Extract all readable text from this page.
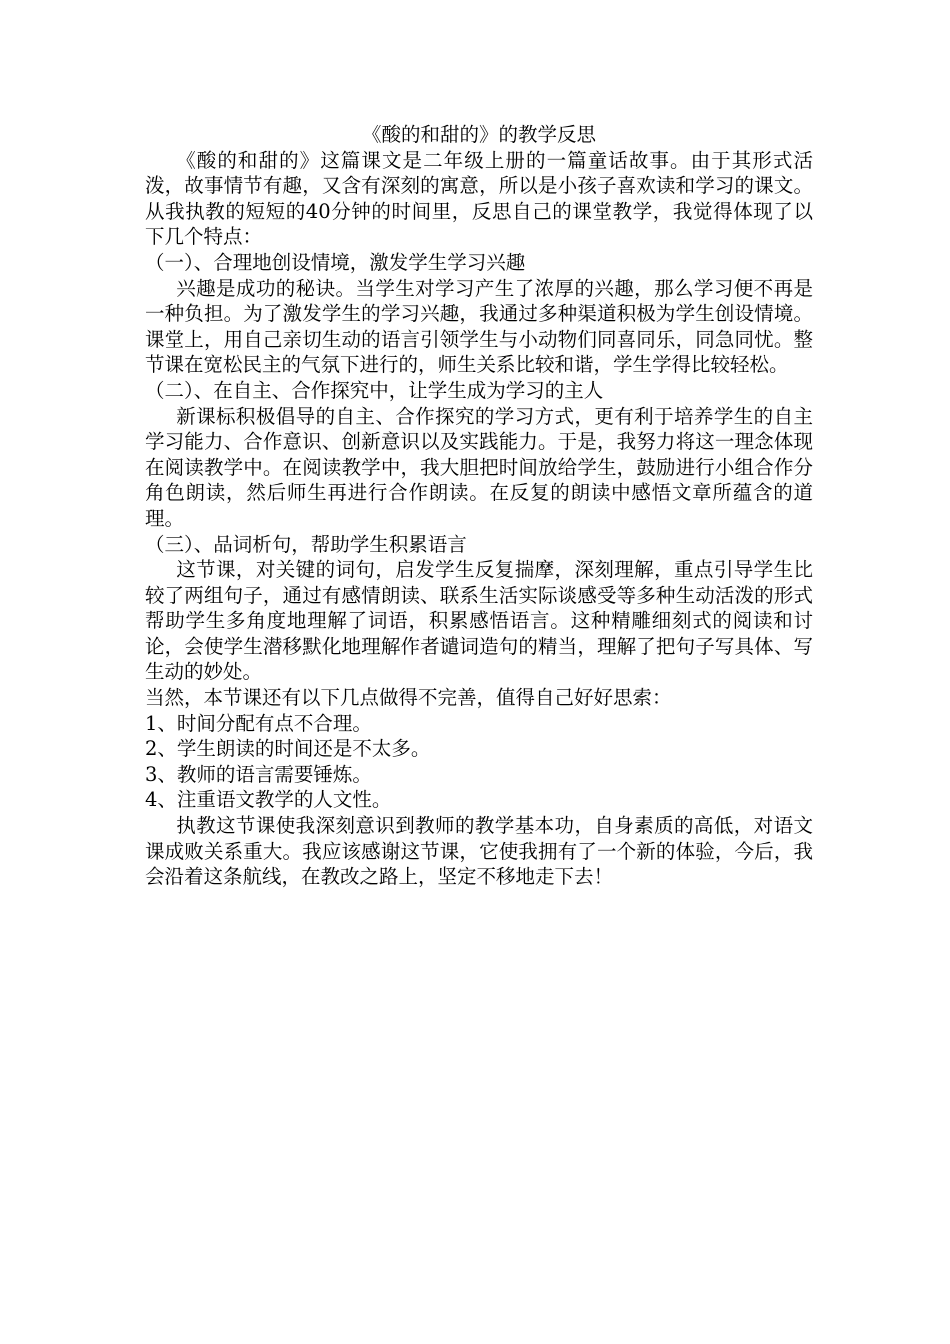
《酸的和甜的》的教学反思

《酸的和甜的》这篇课文是二年级上册的一篇童话故事。由于其形式活泼，故事情节有趣，又含有深刻的寓意，所以是小孩子喜欢读和学习的课文。从我执教的短短的40分钟的时间里，反思自己的课堂教学，我觉得体现了以下几个特点：

（一）、合理地创设情境，激发学生学习兴趣

兴趣是成功的秘诀。当学生对学习产生了浓厚的兴趣，那么学习便不再是一种负担。为了激发学生的学习兴趣，我通过多种渠道积极为学生创设情境。课堂上，用自己亲切生动的语言引领学生与小动物们同喜同乐，同急同忧。整节课在宽松民主的气氛下进行的，师生关系比较和谐，学生学得比较轻松。

（二）、在自主、合作探究中，让学生成为学习的主人

新课标积极倡导的自主、合作探究的学习方式，更有利于培养学生的自主学习能力、合作意识、创新意识以及实践能力。于是，我努力将这一理念体现在阅读教学中。在阅读教学中，我大胆把时间放给学生，鼓励进行小组合作分角色朗读，然后师生再进行合作朗读。在反复的朗读中感悟文章所蕴含的道理。

（三）、品词析句，帮助学生积累语言

这节课，对关键的词句，启发学生反复揣摩，深刻理解，重点引导学生比较了两组句子，通过有感情朗读、联系生活实际谈感受等多种生动活泼的形式帮助学生多角度地理解了词语，积累感悟语言。这种精雕细刻式的阅读和讨论，会使学生潜移默化地理解作者谴词造句的精当，理解了把句子写具体、写生动的妙处。

当然，本节课还有以下几点做得不完善，值得自己好好思索：

1、时间分配有点不合理。

2、学生朗读的时间还是不太多。

3、教师的语言需要锤炼。

4、注重语文教学的人文性。

执教这节课使我深刻意识到教师的教学基本功，自身素质的高低，对语文课成败关系重大。我应该感谢这节课，它使我拥有了一个新的体验，今后，我会沿着这条航线，在教改之路上，坚定不移地走下去！
